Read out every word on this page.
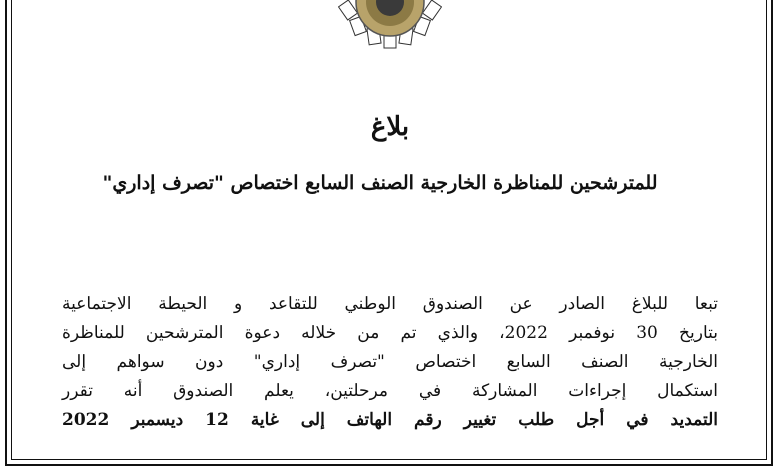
بلاغ
للمترشحين للمناظرة الخارجية الصنف السابع اختصاص "تصرف إداري"

تبعا للبلاغ الصادر عن الصندوق الوطني للتقاعد و الحيطة الاجتماعية

بتاريخ 30 نوفمبر 2022، والذي تم من خلاله دعوة المترشحين للمناظرة

الخارجية الصنف السابع اختصاص "تصرف إداري" دون سواهم إلى

استكمال إجراءات المشاركة في مرحلتين، يعلم الصندوق أنه تقرر

التمديد في أجل طلب تغيير رقم الهاتف إلى غاية 12 ديسمبر 2022
